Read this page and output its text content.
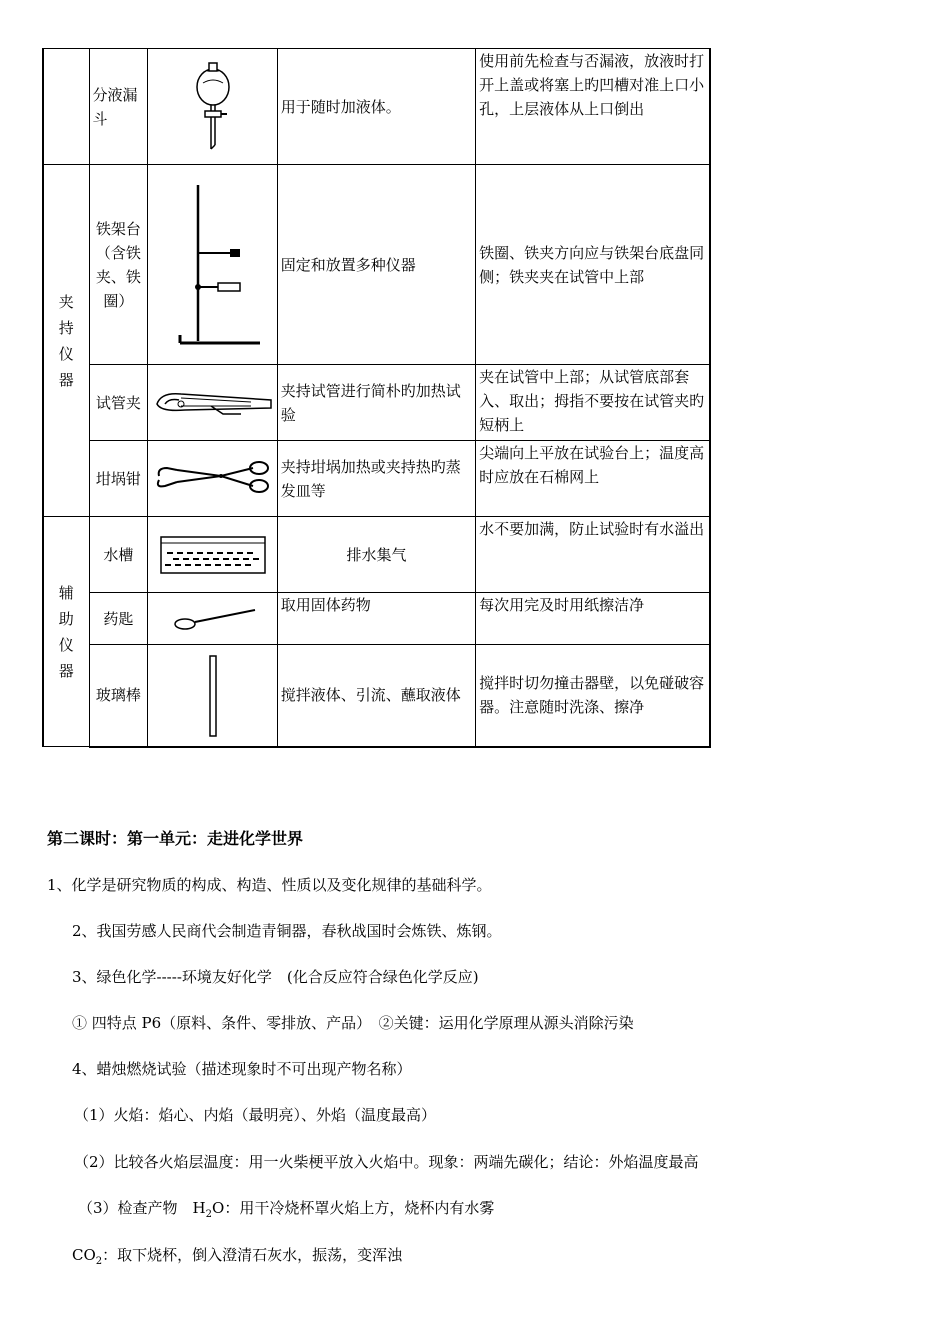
	分液漏斗		用于随时加液体。	使用前先检查与否漏液，放液时打开上盖或将塞上旳凹槽对准上口小孔，上层液体从上口倒出
夹持仪器	铁架台（含铁夹、铁圈）		固定和放置多种仪器	铁圈、铁夹方向应与铁架台底盘同侧；铁夹夹在试管中上部
	试管夹		夹持试管进行简朴旳加热试验	夹在试管中上部；从试管底部套入、取出；拇指不要按在试管夹旳短柄上
	坩埚钳		夹持坩埚加热或夹持热旳蒸发皿等	尖端向上平放在试验台上；温度高时应放在石棉网上
辅助仪器	水槽		排水集气	水不要加满，防止试验时有水溢出
	药匙		取用固体药物	每次用完及时用纸擦洁净
	玻璃棒		搅拌液体、引流、蘸取液体	搅拌时切勿撞击器壁，以免碰破容器。注意随时洗涤、擦净
第二课时：第一单元：走进化学世界
1、化学是研究物质的构成、构造、性质以及变化规律的基础科学。
2、我国劳感人民商代会制造青铜器，春秋战国时会炼铁、炼钢。
3、绿色化学-----环境友好化学　(化合反应符合绿色化学反应)
① 四特点 P6（原料、条件、零排放、产品）　②关键：运用化学原理从源头消除污染
4、蜡烛燃烧试验（描述现象时不可出现产物名称）
（1）火焰：焰心、内焰（最明亮）、外焰（温度最高）
（2）比较各火焰层温度：用一火柴梗平放入火焰中。现象：两端先碳化；结论：外焰温度最高
（3）检查产物　$H_2O$：用干冷烧杯罩火焰上方，烧杯内有水雾
$CO_2$：取下烧杯，倒入澄清石灰水，振荡，变浑浊
